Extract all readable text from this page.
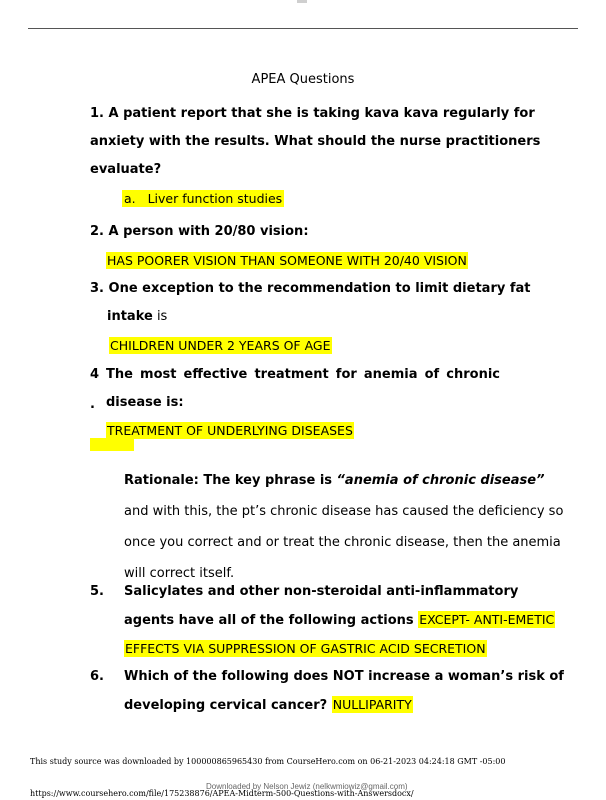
APEA Questions
1. A patient report that she is taking kava kava regularly for
anxiety with the results. What should the nurse practitioners
evaluate?
a. Liver function studies
2. A person with 20/80 vision:
HAS POORER VISION THAN SOMEONE WITH 20/40 VISION
3. One exception to the recommendation to limit dietary fat
intake is
CHILDREN UNDER 2 YEARS OF AGE
4
.
The most effective treatment for anemia of chronic
disease is:
TREATMENT OF UNDERLYING DISEASES
Rationale: The key phrase is “anemia of chronic disease”
and with this, the pt’s chronic disease has caused the deficiency so
once you correct and or treat the chronic disease, then the anemia
will correct itself.
5. Salicylates and other non-steroidal anti-inflammatory
agents have all of the following actions EXCEPT- ANTI-EMETIC
EFFECTS VIA SUPPRESSION OF GASTRIC ACID SECRETION
6. Which of the following does NOT increase a woman’s risk of
developing cervical cancer? NULLIPARITY
This study source was downloaded by 100000865965430 from CourseHero.com on 06-21-2023 04:24:18 GMT -05:00
Downloaded by Nelson Jewiz (nelkwmiowiz@gmail.com)
https://www.coursehero.com/file/175238876/APEA-Midterm-500-Questions-with-Answersdocx/
